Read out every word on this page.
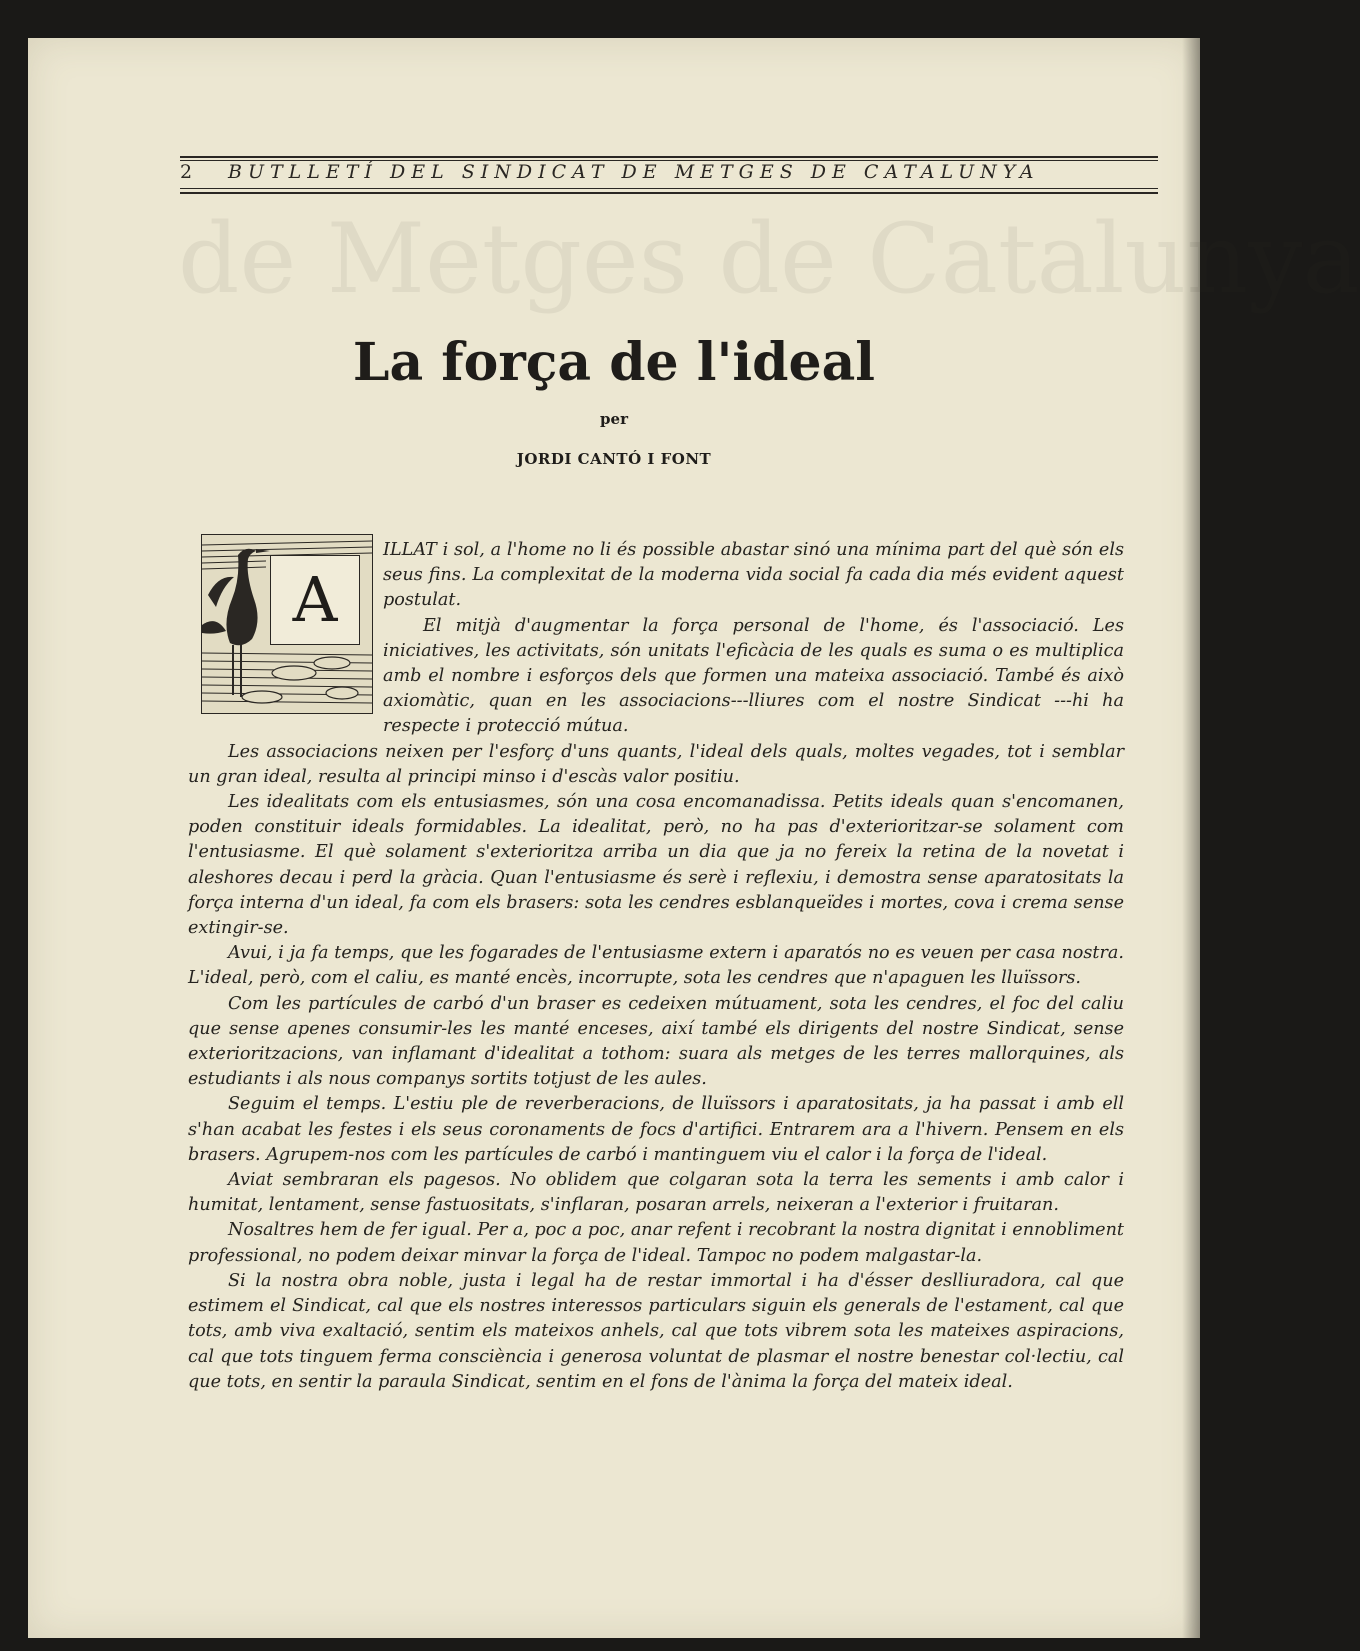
de Metges de Catalunya
2	BUTLLETÍ DEL SINDICAT DE METGES DE CATALUNYA
La força de l'ideal
per
JORDI CANTÓ I FONT
A

ILLAT i sol, a l'home no li és possible abastar sinó una mínima part del què són els seus fins. La complexitat de la moderna vida social fa cada dia més evident aquest postulat.

El mitjà d'augmentar la força personal de l'home, és l'associació. Les iniciatives, les activitats, són unitats l'eficàcia de les quals es suma o es multiplica amb el nombre i esforços dels que formen una mateixa associació. També és això axiomàtic, quan en les associacions---lliures com el nostre Sindicat ---hi ha respecte i protecció mútua.

Les associacions neixen per l'esforç d'uns quants, l'ideal dels quals, moltes vegades, tot i semblar un gran ideal, resulta al principi minso i d'escàs valor positiu.

Les idealitats com els entusiasmes, són una cosa encomanadissa. Petits ideals quan s'encomanen, poden constituir ideals formidables. La idealitat, però, no ha pas d'exterioritzar-se solament com l'entusiasme. El què solament s'exterioritza arriba un dia que ja no fereix la retina de la novetat i aleshores decau i perd la gràcia. Quan l'entusiasme és serè i reflexiu, i demostra sense aparatositats la força interna d'un ideal, fa com els brasers: sota les cendres esblanqueïdes i mortes, cova i crema sense extingir-se.

Avui, i ja fa temps, que les fogarades de l'entusiasme extern i aparatós no es veuen per casa nostra. L'ideal, però, com el caliu, es manté encès, incorrupte, sota les cendres que n'apaguen les lluïssors.

Com les partícules de carbó d'un braser es cedeixen mútuament, sota les cendres, el foc del caliu que sense apenes consumir-les les manté enceses, així també els dirigents del nostre Sindicat, sense exterioritzacions, van inflamant d'idealitat a tothom: suara als metges de les terres mallorquines, als estudiants i als nous companys sortits totjust de les aules.

Seguim el temps. L'estiu ple de reverberacions, de lluïssors i aparatositats, ja ha passat i amb ell s'han acabat les festes i els seus coronaments de focs d'artifici. Entrarem ara a l'hivern. Pensem en els brasers. Agrupem-nos com les partícules de carbó i mantinguem viu el calor i la força de l'ideal.

Aviat sembraran els pagesos. No oblidem que colgaran sota la terra les sements i amb calor i humitat, lentament, sense fastuositats, s'inflaran, posaran arrels, neixeran a l'exterior i fruitaran.

Nosaltres hem de fer igual. Per a, poc a poc, anar refent i recobrant la nostra dignitat i ennobliment professional, no podem deixar minvar la força de l'ideal. Tampoc no podem malgastar-la.

Si la nostra obra noble, justa i legal ha de restar immortal i ha d'ésser deslliuradora, cal que estimem el Sindicat, cal que els nostres interessos particulars siguin els generals de l'estament, cal que tots, amb viva exaltació, sentim els mateixos anhels, cal que tots vibrem sota les mateixes aspiracions, cal que tots tinguem ferma consciència i generosa voluntat de plasmar el nostre benestar col·lectiu, cal que tots, en sentir la paraula Sindicat, sentim en el fons de l'ànima la força del mateix ideal.
